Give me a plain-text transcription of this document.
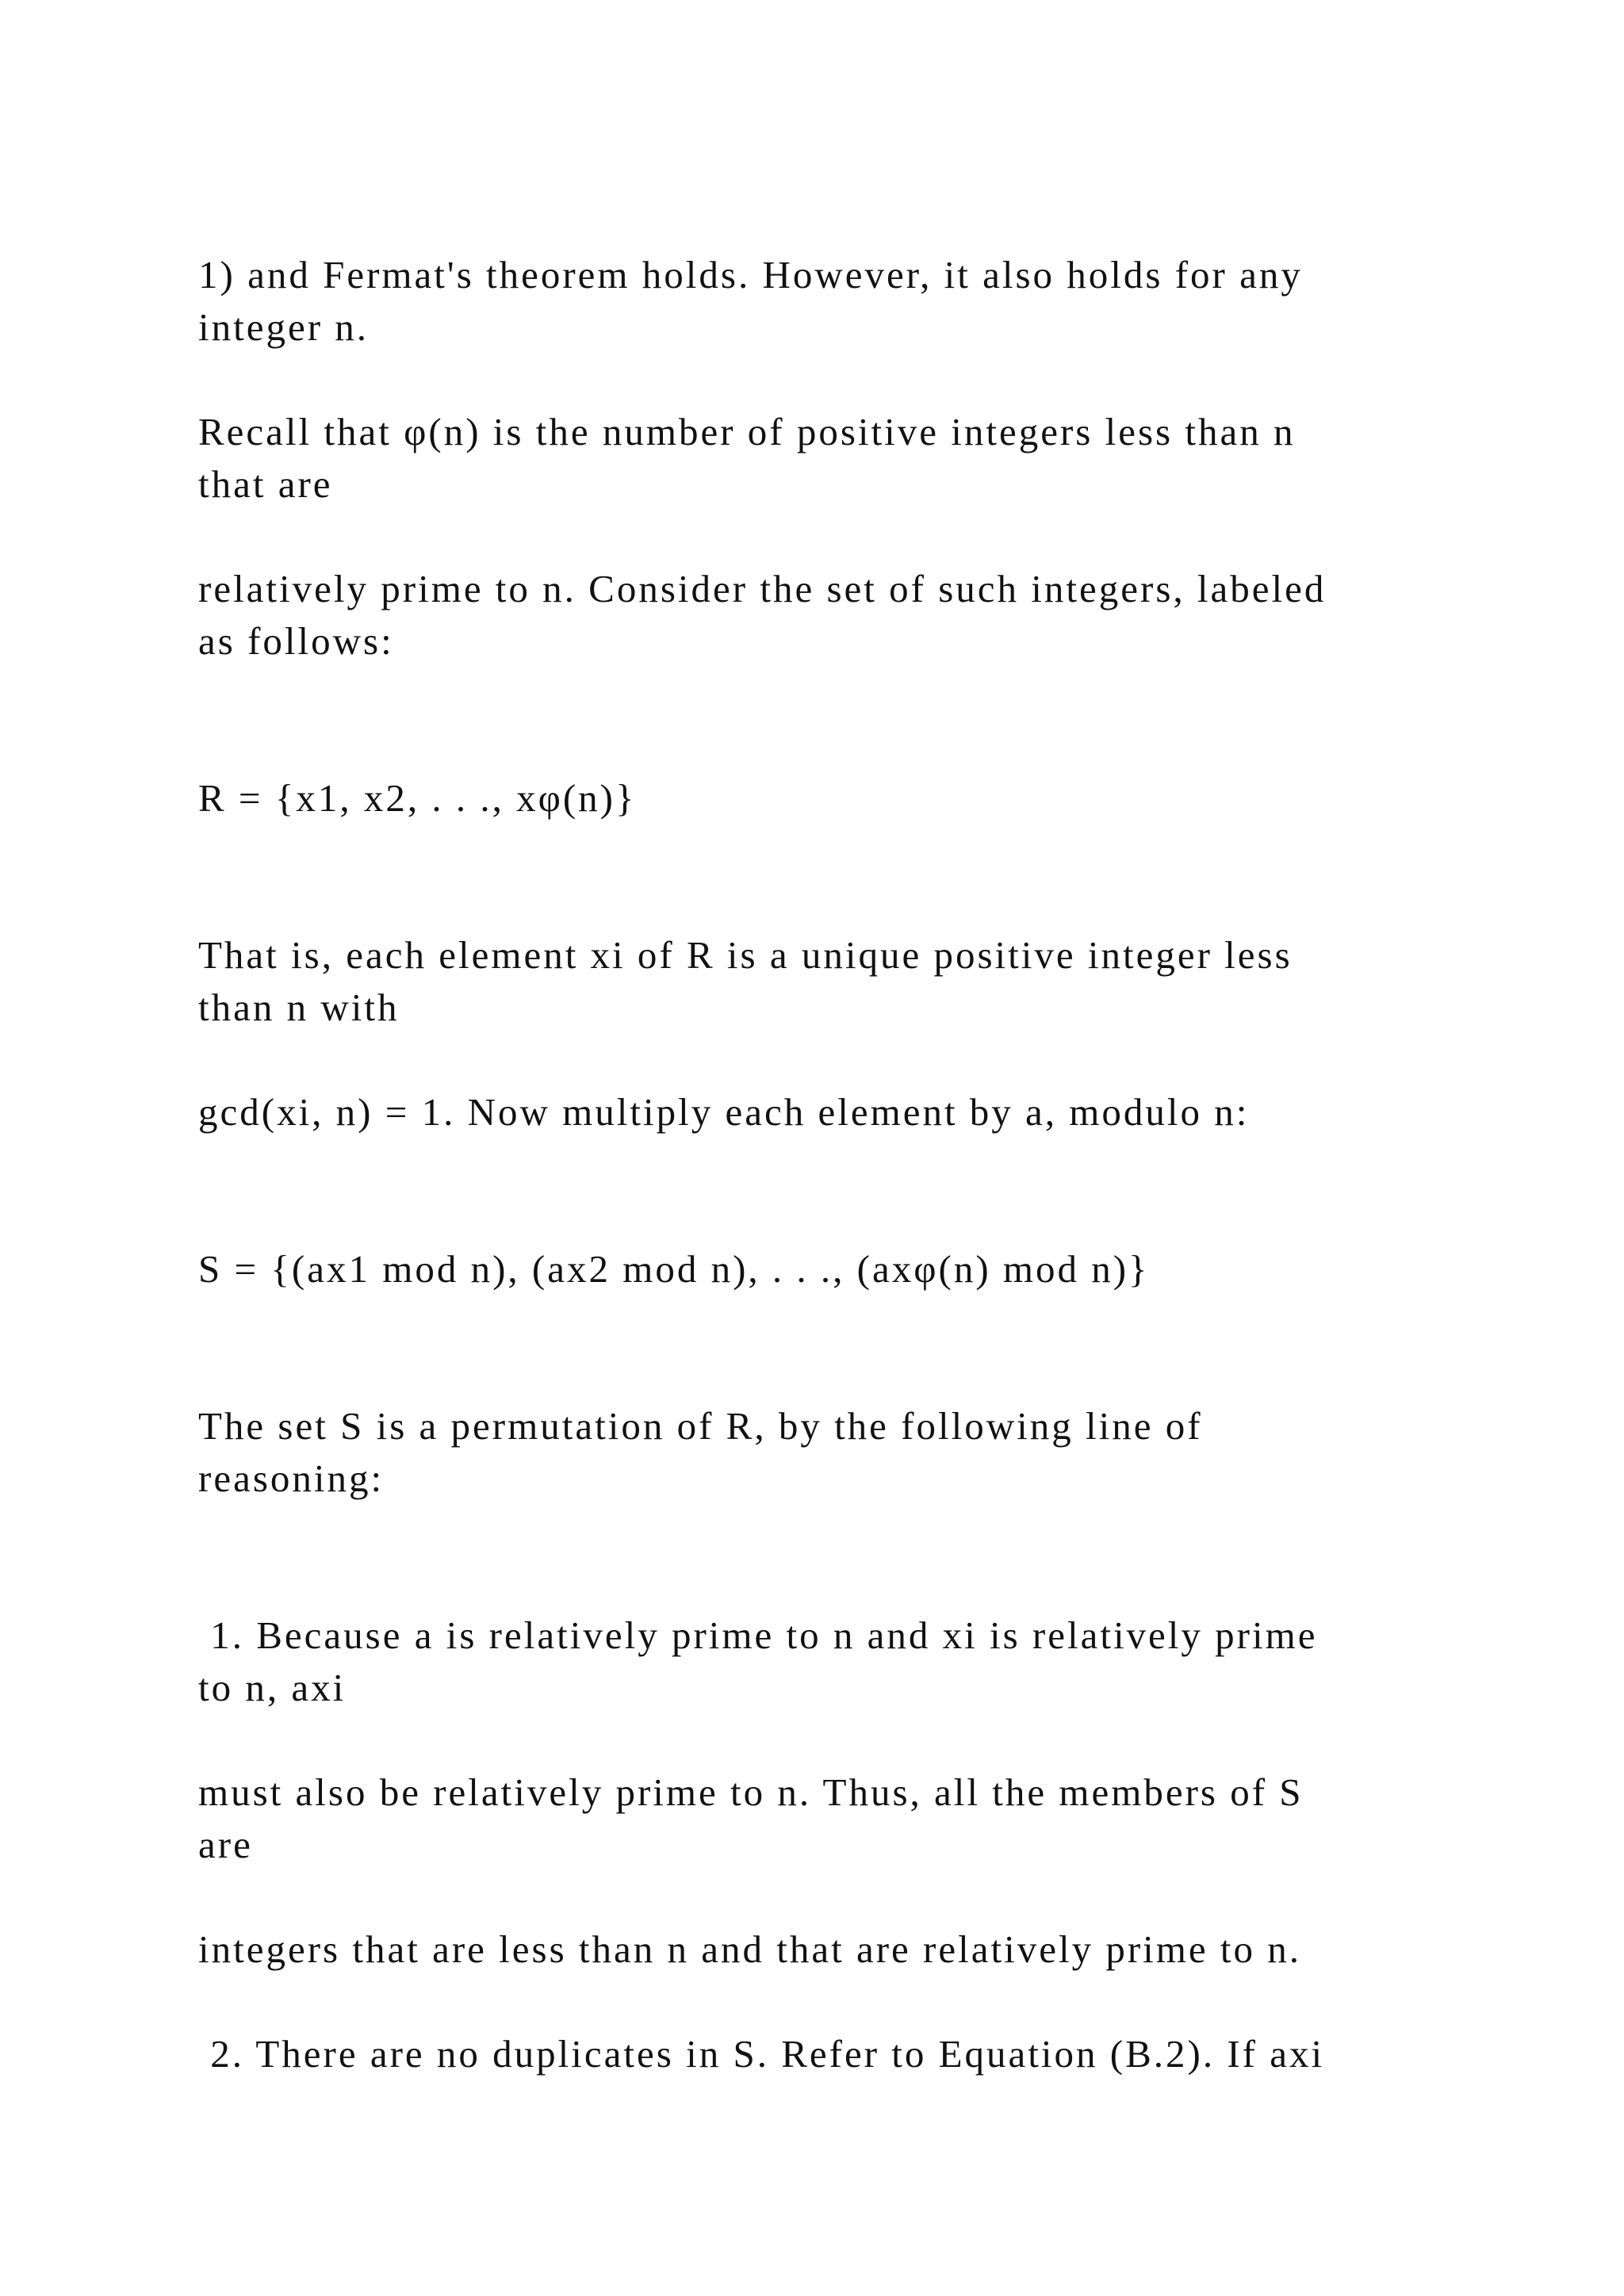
1) and Fermat's theorem holds. However, it also holds for any

integer n.

Recall that φ(n) is the number of positive integers less than n

that are

relatively prime to n. Consider the set of such integers, labeled

as follows:

R = {x1, x2, . . ., xφ(n)}

That is, each element xi of R is a unique positive integer less

than n with

gcd(xi, n) = 1. Now multiply each element by a, modulo n:

S = {(ax1 mod n), (ax2 mod n), . . ., (axφ(n) mod n)}

The set S is a permutation of R, by the following line of

reasoning:

1. Because a is relatively prime to n and xi is relatively prime

to n, axi

must also be relatively prime to n. Thus, all the members of S

are

integers that are less than n and that are relatively prime to n.

2. There are no duplicates in S. Refer to Equation (B.2). If axi
